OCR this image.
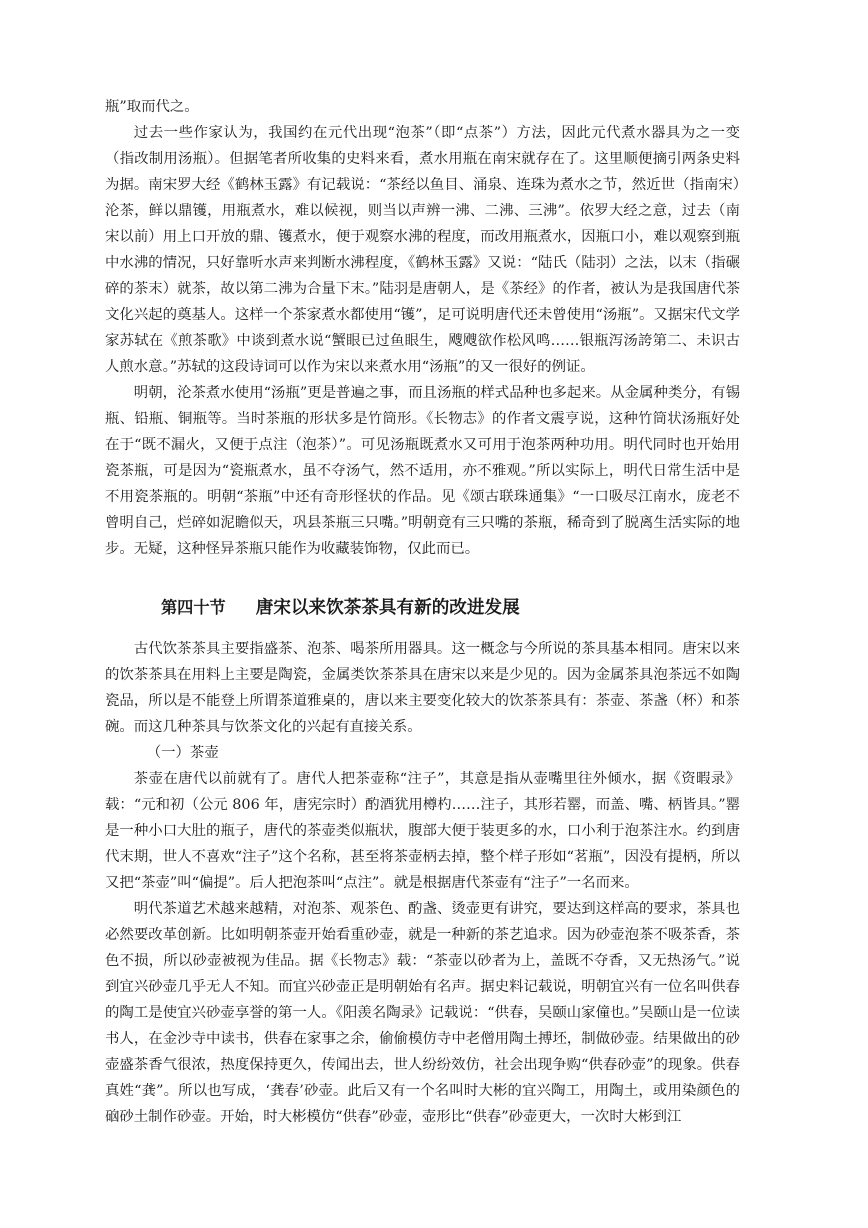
瓶”取而代之。

过去一些作家认为，我国约在元代出现“泡茶”（即“点茶”）方法，因此元代煮水器具为之一变（指改制用汤瓶）。但据笔者所收集的史料来看，煮水用瓶在南宋就存在了。这里顺便摘引两条史料为据。南宋罗大经《鹤林玉露》有记载说：“茶经以鱼目、涌泉、连珠为煮水之节，然近世（指南宋）沦茶，鲜以鼎镬，用瓶煮水，难以候视，则当以声辨一沸、二沸、三沸”。依罗大经之意，过去（南宋以前）用上口开放的鼎、镬煮水，便于观察水沸的程度，而改用瓶煮水，因瓶口小，难以观察到瓶中水沸的情况，只好靠听水声来判断水沸程度，《鹤林玉露》又说：“陆氏（陆羽）之法，以末（指碾碎的茶末）就茶，故以第二沸为合量下末。”陆羽是唐朝人，是《茶经》的作者，被认为是我国唐代茶文化兴起的奠基人。这样一个茶家煮水都使用“镬”，足可说明唐代还未曾使用“汤瓶”。又据宋代文学家苏轼在《煎茶歌》中谈到煮水说“蟹眼已过鱼眼生，飕飕欲作松风鸣……银瓶泻汤誇第二、未识古人煎水意。”苏轼的这段诗词可以作为宋以来煮水用“汤瓶”的又一很好的例证。

明朝，沦茶煮水使用“汤瓶”更是普遍之事，而且汤瓶的样式品种也多起来。从金属种类分，有锡瓶、铅瓶、铜瓶等。当时茶瓶的形状多是竹筒形。《长物志》的作者文震亨说，这种竹筒状汤瓶好处在于“既不漏火，又便于点注（泡茶）”。可见汤瓶既煮水又可用于泡茶两种功用。明代同时也开始用瓷茶瓶，可是因为“瓷瓶煮水，虽不夺汤气，然不适用，亦不雅观。”所以实际上，明代日常生活中是不用瓷茶瓶的。明朝“茶瓶”中还有奇形怪状的作品。见《颂古联珠通集》“一口吸尽江南水，庞老不曾明自己，烂碎如泥瞻似天，巩县茶瓶三只嘴。”明朝竟有三只嘴的茶瓶，稀奇到了脱离生活实际的地步。无疑，这种怪异茶瓶只能作为收藏装饰物，仅此而已。

第四十节 唐宋以来饮茶茶具有新的改进发展

古代饮茶茶具主要指盛茶、泡茶、喝茶所用器具。这一概念与今所说的茶具基本相同。唐宋以来的饮茶茶具在用料上主要是陶瓷，金属类饮茶茶具在唐宋以来是少见的。因为金属茶具泡茶远不如陶瓷品，所以是不能登上所谓茶道雅桌的，唐以来主要变化较大的饮茶茶具有：茶壶、茶盏（杯）和茶碗。而这几种茶具与饮茶文化的兴起有直接关系。

（一）茶壶

茶壶在唐代以前就有了。唐代人把茶壶称“注子”，其意是指从壶嘴里往外倾水，据《资暇录》载：“元和初（公元 806 年，唐宪宗时）酌酒犹用樽杓……注子，其形若罂，而盖、嘴、柄皆具。”罂是一种小口大肚的瓶子，唐代的茶壶类似瓶状，腹部大便于装更多的水，口小利于泡茶注水。约到唐代末期，世人不喜欢“注子”这个名称，甚至将茶壶柄去掉，整个样子形如“茗瓶”，因没有提柄，所以又把“茶壶”叫“偏提”。后人把泡茶叫“点注”。就是根据唐代茶壶有“注子”一名而来。

明代茶道艺术越来越精，对泡茶、观茶色、酌盏、烫壶更有讲究，要达到这样高的要求，茶具也必然要改革创新。比如明朝茶壶开始看重砂壶，就是一种新的茶艺追求。因为砂壶泡茶不吸茶香，茶色不损，所以砂壶被视为佳品。据《长物志》载：“茶壶以砂者为上，盖既不夺香，又无热汤气。”说到宜兴砂壶几乎无人不知。而宜兴砂壶正是明朝始有名声。据史料记载说，明朝宜兴有一位名叫供春的陶工是使宜兴砂壶享誉的第一人。《阳羡名陶录》记载说：“供春，吴颐山家僮也。”吴颐山是一位读书人，在金沙寺中读书，供春在家事之余，偷偷模仿寺中老僧用陶土搏坯，制做砂壶。结果做出的砂壶盛茶香气很浓，热度保持更久，传闻出去，世人纷纷效仿，社会出现争购“供春砂壶”的现象。供春真姓“龚”。所以也写成，‘龚春’砂壶。此后又有一个名叫时大彬的宜兴陶工，用陶土，或用染颜色的硇砂土制作砂壶。开始，时大彬模仿“供春”砂壶，壶形比“供春”砂壶更大，一次时大彬到江
